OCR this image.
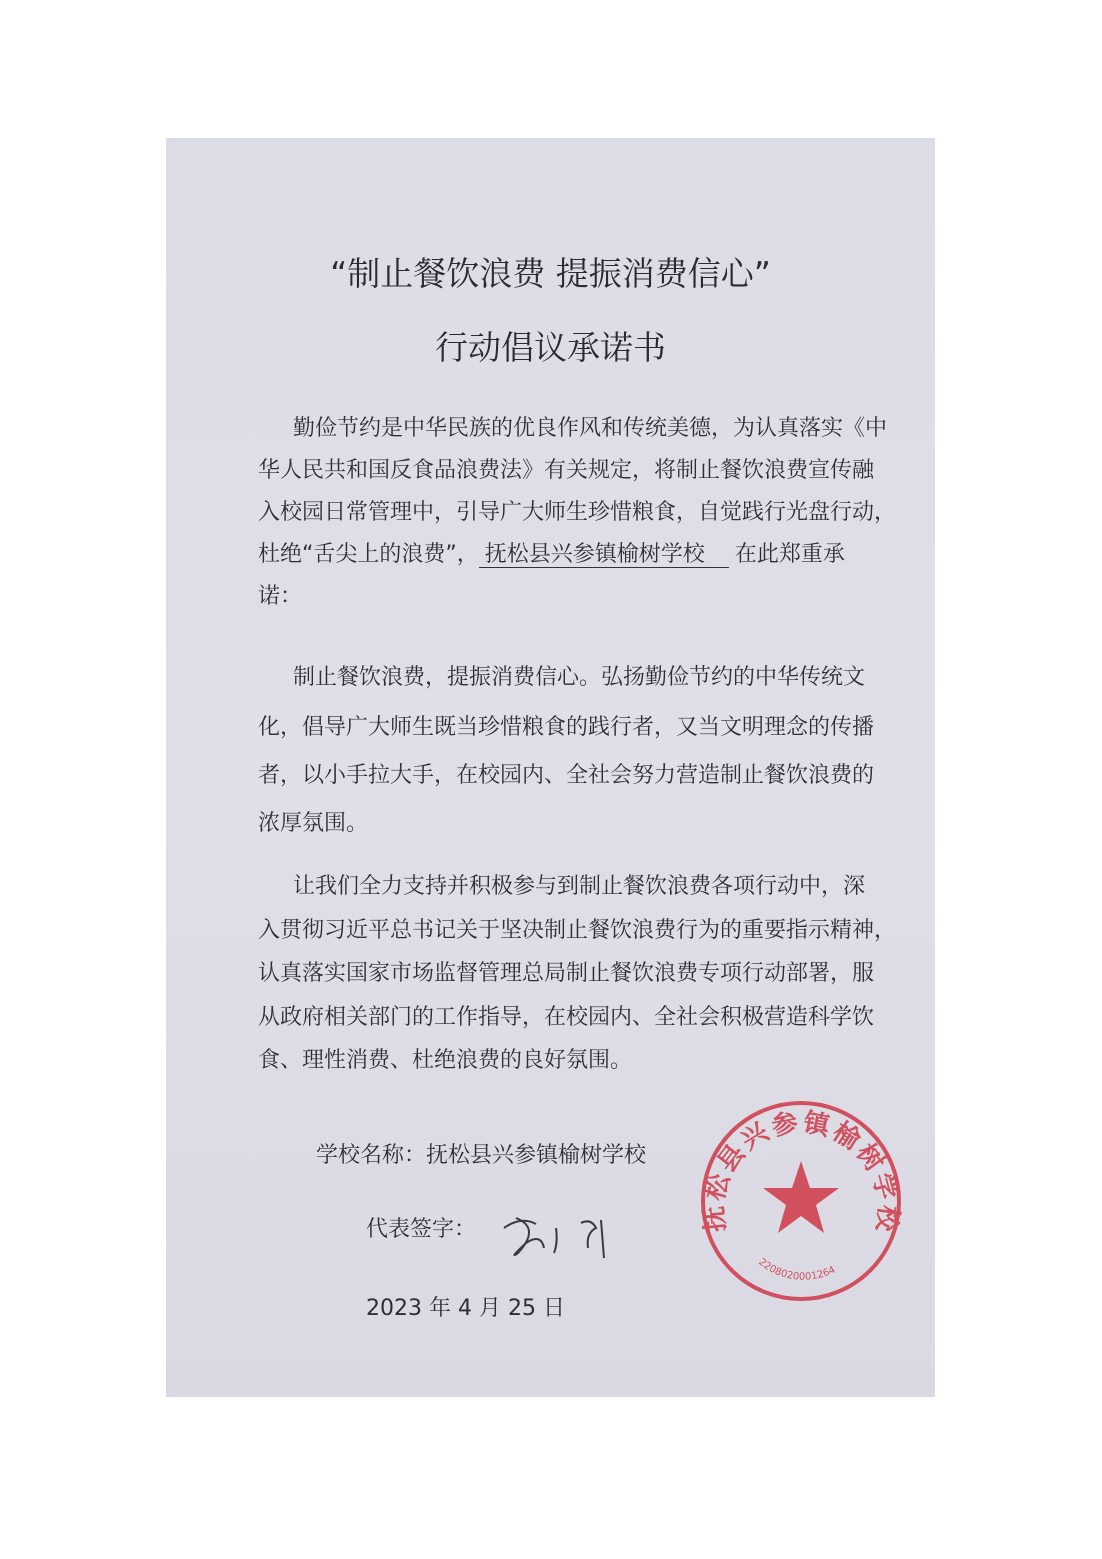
“制止餐饮浪费 提振消费信心”
行动倡议承诺书
勤俭节约是中华民族的优良作风和传统美德，为认真落实《中
华人民共和国反食品浪费法》有关规定，将制止餐饮浪费宣传融
入校园日常管理中，引导广大师生珍惜粮食，自觉践行光盘行动，
杜绝“舌尖上的浪费”， 抚松县兴参镇榆树学校 在此郑重承
诺：
制止餐饮浪费，提振消费信心。弘扬勤俭节约的中华传统文
化，倡导广大师生既当珍惜粮食的践行者，又当文明理念的传播
者，以小手拉大手，在校园内、全社会努力营造制止餐饮浪费的
浓厚氛围。
让我们全力支持并积极参与到制止餐饮浪费各项行动中，深
入贯彻习近平总书记关于坚决制止餐饮浪费行为的重要指示精神，
认真落实国家市场监督管理总局制止餐饮浪费专项行动部署，服
从政府相关部门的工作指导，在校园内、全社会积极营造科学饮
食、理性消费、杜绝浪费的良好氛围。
学校名称：抚松县兴参镇榆树学校
代表签字：
2023 年 4 月 25 日
抚松县兴参镇榆树学校
2208020001264
